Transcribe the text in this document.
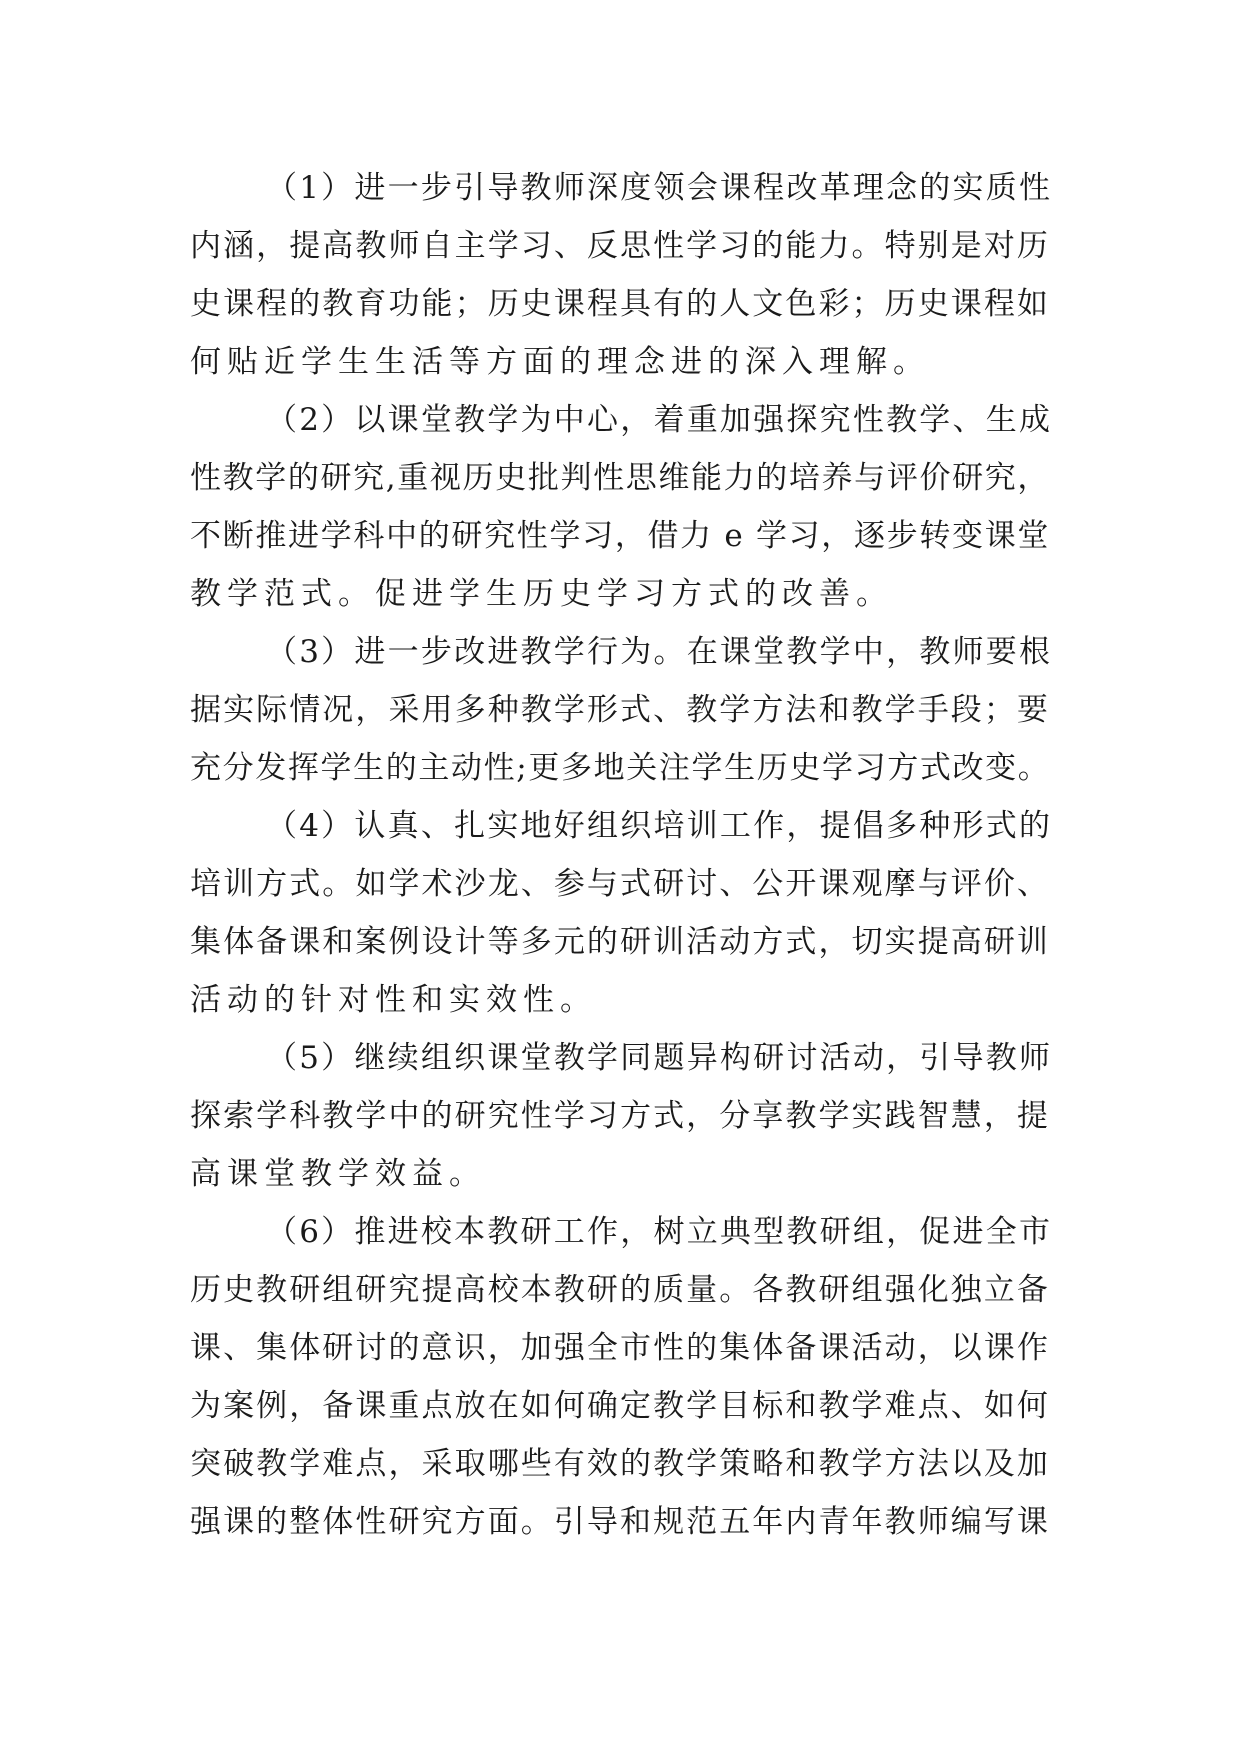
（1）进一步引导教师深度领会课程改革理念的实质性
内涵，提高教师自主学习、反思性学习的能力。特别是对历
史课程的教育功能；历史课程具有的人文色彩；历史课程如
何贴近学生生活等方面的理念进的深入理解。
（2）以课堂教学为中心，着重加强探究性教学、生成
性教学的研究,重视历史批判性思维能力的培养与评价研究，
不断推进学科中的研究性学习，借力 e 学习，逐步转变课堂
教学范式。促进学生历史学习方式的改善。
（3）进一步改进教学行为。在课堂教学中，教师要根
据实际情况，采用多种教学形式、教学方法和教学手段；要
充分发挥学生的主动性;更多地关注学生历史学习方式改变。
（4）认真、扎实地好组织培训工作，提倡多种形式的
培训方式。如学术沙龙、参与式研讨、公开课观摩与评价、
集体备课和案例设计等多元的研训活动方式，切实提高研训
活动的针对性和实效性。
（5）继续组织课堂教学同题异构研讨活动，引导教师
探索学科教学中的研究性学习方式，分享教学实践智慧，提
高课堂教学效益。
（6）推进校本教研工作，树立典型教研组，促进全市
历史教研组研究提高校本教研的质量。各教研组强化独立备
课、集体研讨的意识，加强全市性的集体备课活动，以课作
为案例，备课重点放在如何确定教学目标和教学难点、如何
突破教学难点，采取哪些有效的教学策略和教学方法以及加
强课的整体性研究方面。引导和规范五年内青年教师编写课
